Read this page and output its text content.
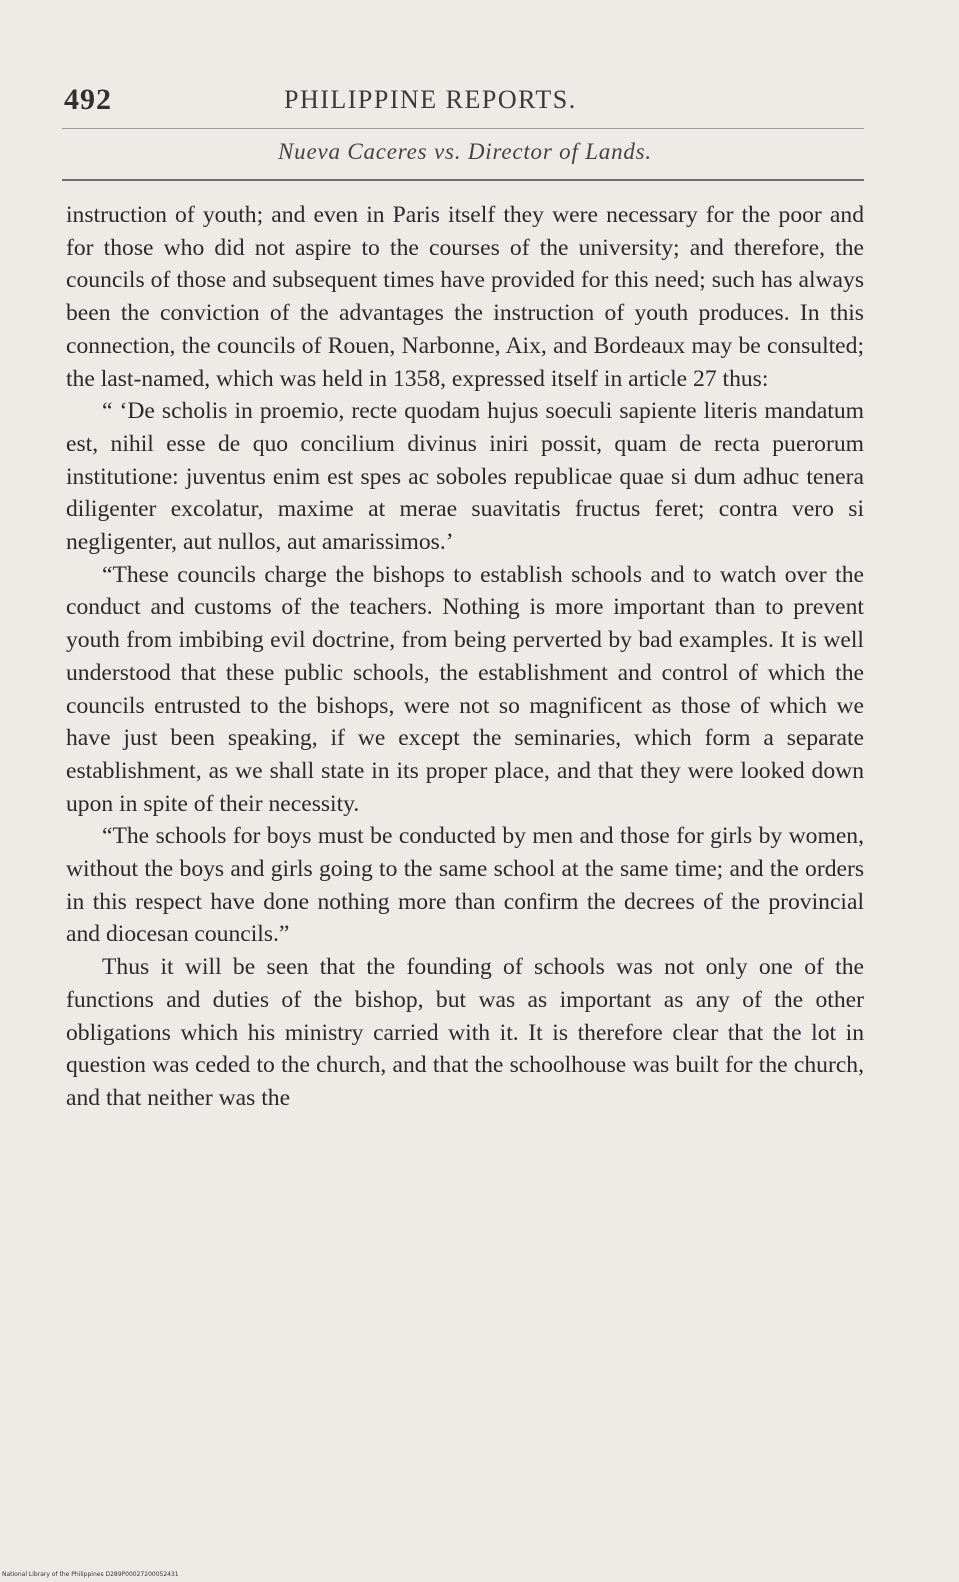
492	PHILIPPINE REPORTS.
Nueva Caceres vs. Director of Lands.

instruction of youth; and even in Paris itself they were necessary for the poor and for those who did not aspire to the courses of the university; and therefore, the councils of those and subsequent times have provided for this need; such has always been the conviction of the advantages the instruction of youth produces. In this connection, the councils of Rouen, Narbonne, Aix, and Bordeaux may be consulted; the last-named, which was held in 1358, expressed itself in article 27 thus:

“ ‘De scholis in proemio, recte quodam hujus soeculi sapiente literis mandatum est, nihil esse de quo concilium divinus iniri possit, quam de recta puerorum institutione: juventus enim est spes ac soboles republicae quae si dum adhuc tenera diligenter excolatur, maxime at merae suavitatis fructus feret; contra vero si negligenter, aut nullos, aut amarissimos.’

“These councils charge the bishops to establish schools and to watch over the conduct and customs of the teachers. Nothing is more important than to prevent youth from imbibing evil doctrine, from being perverted by bad examples. It is well understood that these public schools, the establishment and control of which the councils entrusted to the bishops, were not so magnificent as those of which we have just been speaking, if we except the seminaries, which form a separate establishment, as we shall state in its proper place, and that they were looked down upon in spite of their necessity.

“The schools for boys must be conducted by men and those for girls by women, without the boys and girls going to the same school at the same time; and the orders in this respect have done nothing more than confirm the decrees of the provincial and diocesan councils.”

Thus it will be seen that the founding of schools was not only one of the functions and duties of the bishop, but was as important as any of the other obligations which his ministry carried with it. It is therefore clear that the lot in question was ceded to the church, and that the schoolhouse was built for the church, and that neither was the

National Library of the Philippines D289P00027200052431
